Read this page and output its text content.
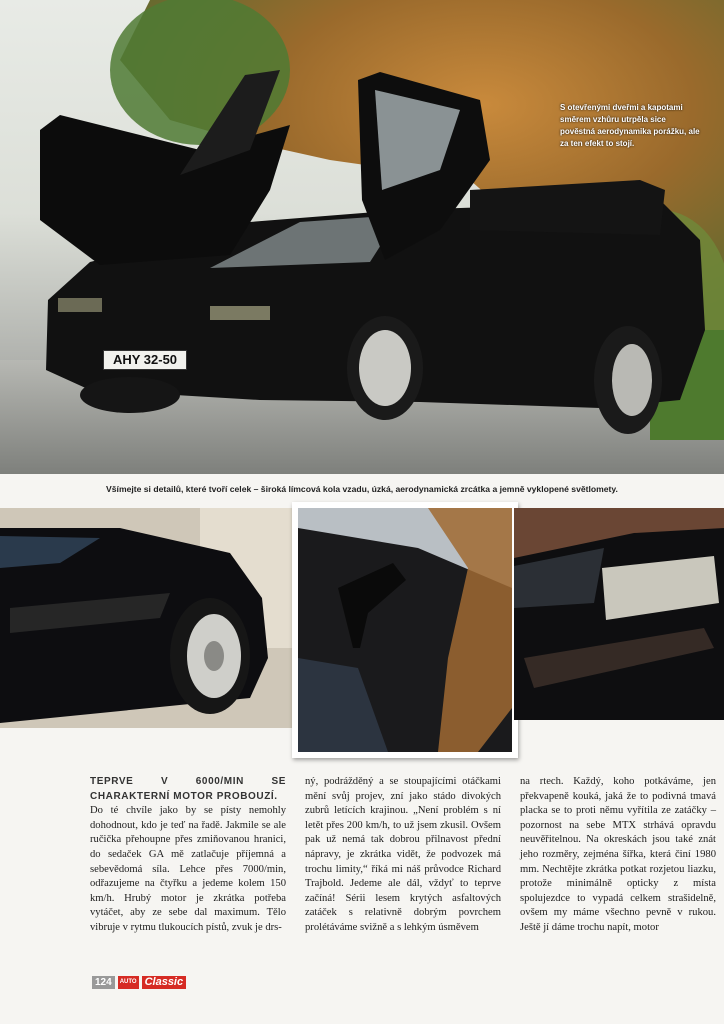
S otevřenými dveřmi a kapotami směrem vzhůru utrpěla sice pověstná aerodynamika porážku, ale za ten efekt to stojí.
AHY 32-50
Všímejte si detailů, které tvoří celek – široká límcová kola vzadu, úzká, aerodynamická zrcátka a jemně vyklopené světlomety.
TEPRVE V 6000/MIN SE CHARAKTERNÍ MOTOR PROBOUZÍ.
Do té chvíle jako by se písty nemohly dohodnout, kdo je teď na řadě. Jakmile se ale ručička přehoupne přes zmiňovanou hranici, do sedaček GA mě zatlačuje příjemná a sebevědomá síla. Lehce přes 7000/min, odřazujeme na čtyřku a jedeme kolem 150 km/h. Hrubý motor je zkrátka potřeba vytáčet, aby ze sebe dal maximum. Tělo vibruje v rytmu tlukoucích pístů, zvuk je drs-
ný, podrážděný a se stoupajícími otáčkami mění svůj projev, zní jako stádo divokých zubrů letících krajinou. „Není problém s ní letět přes 200 km/h, to už jsem zkusil. Ovšem pak už nemá tak dobrou přilnavost přední nápravy, je zkrátka vidět, že podvozek má trochu limity,“ říká mi náš průvodce Richard Trajbold. Jedeme ale dál, vždyť to teprve začíná! Sérii lesem krytých asfaltových zatáček s relativně dobrým povrchem prolétáváme svižně a s lehkým úsměvem
na rtech. Každý, koho potkáváme, jen překvapeně kouká, jaká že to podivná tmavá placka se to proti němu vyřítila ze zatáčky – pozornost na sebe MTX strhává opravdu neuvěřitelnou. Na okreskách jsou také znát jeho rozměry, zejména šířka, která činí 1980 mm. Nechtějte zkrátka potkat rozjetou liazku, protože minimálně opticky z místa spolujezdce to vypadá celkem strašidelně, ovšem my máme všechno pevně v rukou. Ještě jí dáme trochu napít, motor
124	AUTO Classic
